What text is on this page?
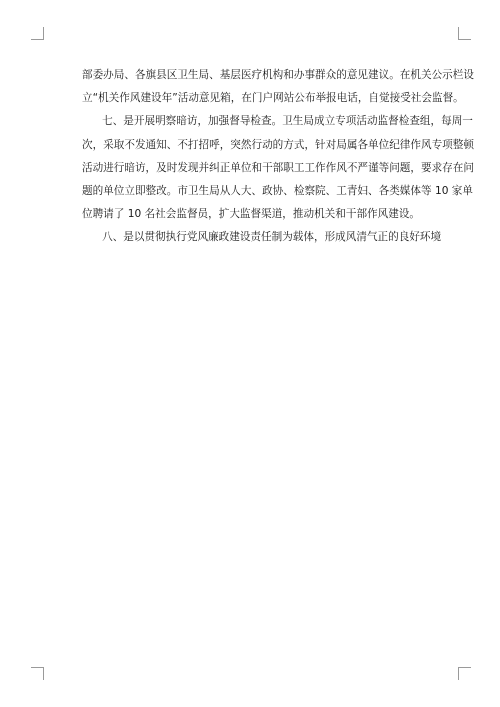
部委办局、各旗县区卫生局、基层医疗机构和办事群众的意见建议。在机关公示栏设
立“机关作风建设年”活动意见箱，在门户网站公布举报电话，自觉接受社会监督。
七、是开展明察暗访，加强督导检查。卫生局成立专项活动监督检查组，每周一
次，采取不发通知、不打招呼，突然行动的方式，针对局属各单位纪律作风专项整顿
活动进行暗访，及时发现并纠正单位和干部职工工作作风不严谨等问题，要求存在问
题的单位立即整改。市卫生局从人大、政协、检察院、工青妇、各类媒体等 10 家单
位聘请了 10 名社会监督员，扩大监督渠道，推动机关和干部作风建设。
八、是以贯彻执行党风廉政建设责任制为载体，形成风清气正的良好环境
